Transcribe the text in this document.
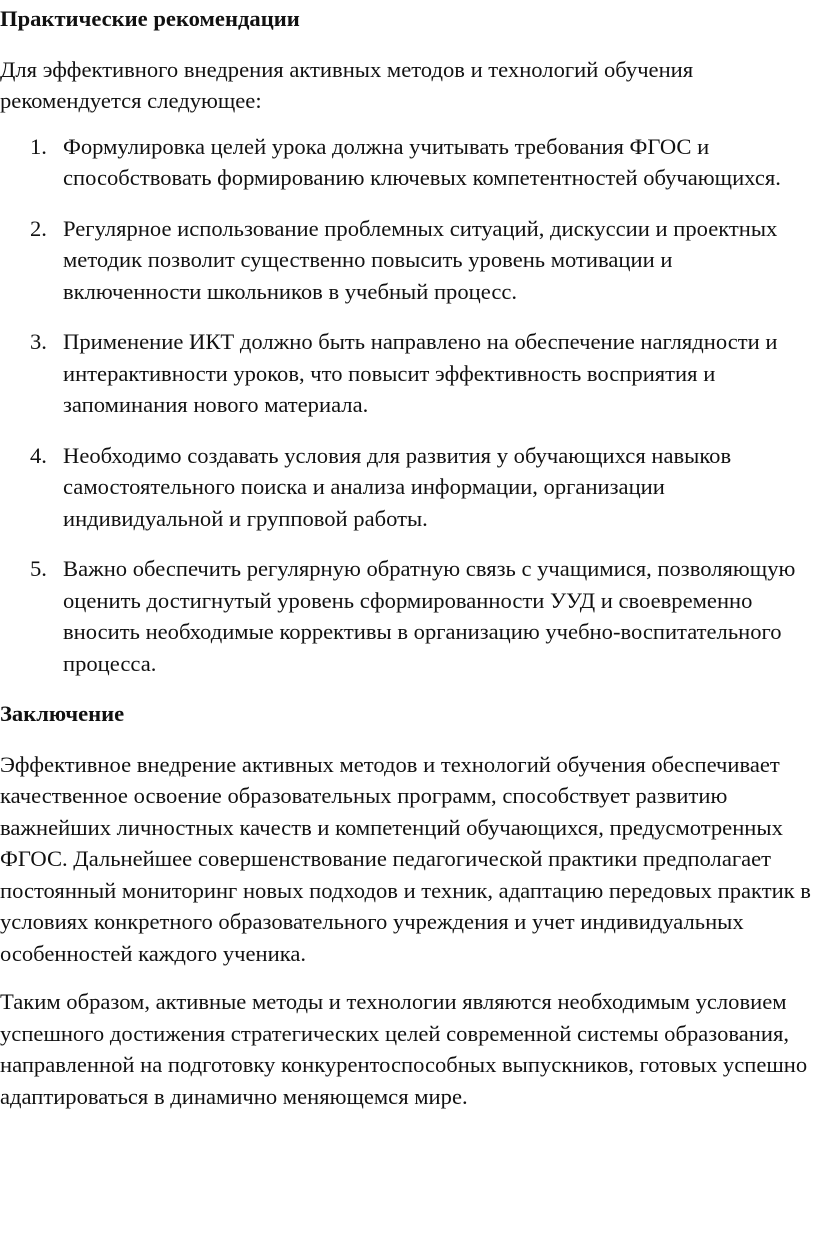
Практические рекомендации

Для эффективного внедрения активных методов и технологий обучения рекомендуется следующее:

1. Формулировка целей урока должна учитывать требования ФГОС и способствовать формированию ключевых компетентностей обучающихся.
2. Регулярное использование проблемных ситуаций, дискуссии и проектных методик позволит существенно повысить уровень мотивации и включенности школьников в учебный процесс.
3. Применение ИКТ должно быть направлено на обеспечение наглядности и интерактивности уроков, что повысит эффективность восприятия и запоминания нового материала.
4. Необходимо создавать условия для развития у обучающихся навыков самостоятельного поиска и анализа информации, организации индивидуальной и групповой работы.
5. Важно обеспечить регулярную обратную связь с учащимися, позволяющую оценить достигнутый уровень сформированности УУД и своевременно вносить необходимые коррективы в организацию учебно-воспитательного процесса.
Заключение

Эффективное внедрение активных методов и технологий обучения обеспечивает качественное освоение образовательных программ, способствует развитию важнейших личностных качеств и компетенций обучающихся, предусмотренных ФГОС. Дальнейшее совершенствование педагогической практики предполагает постоянный мониторинг новых подходов и техник, адаптацию передовых практик в условиях конкретного образовательного учреждения и учет индивидуальных особенностей каждого ученика.

Таким образом, активные методы и технологии являются необходимым условием успешного достижения стратегических целей современной системы образования, направленной на подготовку конкурентоспособных выпускников, готовых успешно адаптироваться в динамично меняющемся мире.
